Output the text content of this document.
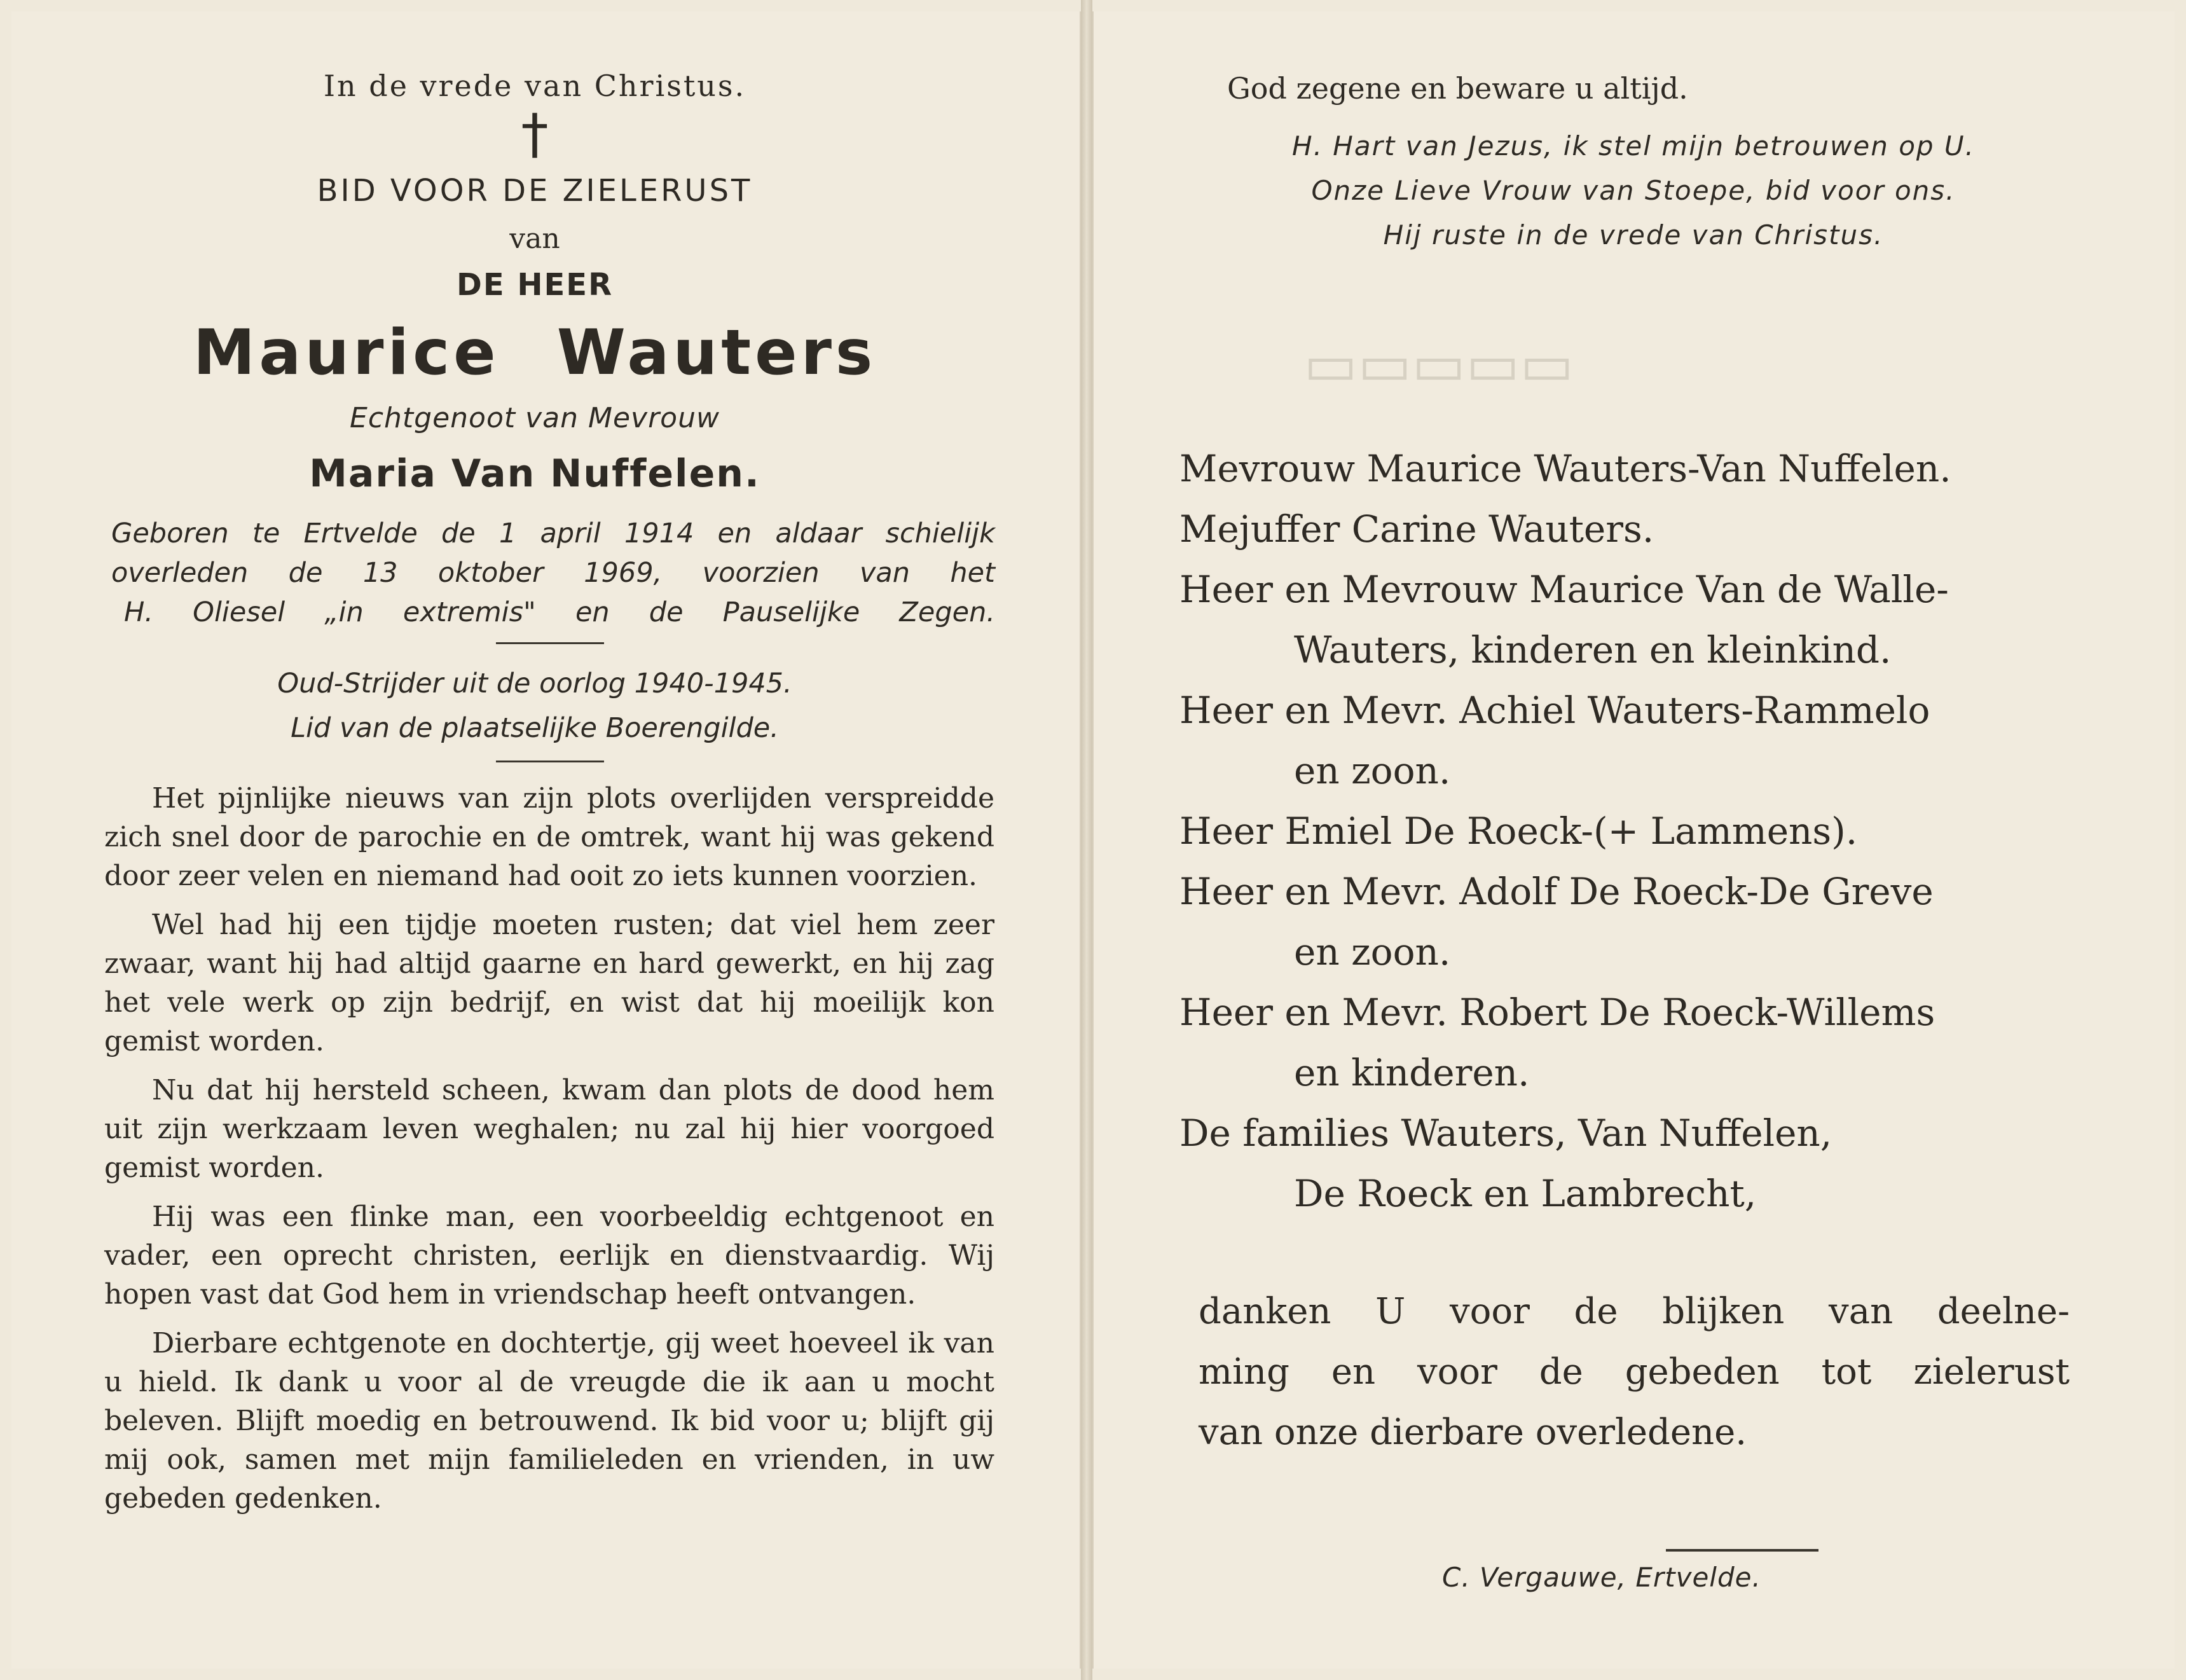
▭▭▭▭▭
In de vrede van Christus.
†
BID VOOR DE ZIELERUST
van
DE HEER
Maurice Wauters
Echtgenoot van Mevrouw
Maria Van Nuffelen.
Geboren te Ertvelde de 1 april 1914 en aldaar schielijk
overleden de 13 oktober 1969, voorzien van het
H. Oliesel „in extremis" en de Pauselijke Zegen.
Oud-Strijder uit de oorlog 1940-1945.
Lid van de plaatselijke Boerengilde.

Het pijnlijke nieuws van zijn plots overlijden verspreidde zich snel door de parochie en de omtrek, want hij was gekend door zeer velen en niemand had ooit zo iets kunnen voorzien.

Wel had hij een tijdje moeten rusten; dat viel hem zeer zwaar, want hij had altijd gaarne en hard gewerkt, en hij zag het vele werk op zijn bedrijf, en wist dat hij moeilijk kon gemist worden.

Nu dat hij hersteld scheen, kwam dan plots de dood hem uit zijn werkzaam leven weghalen; nu zal hij hier voorgoed gemist worden.

Hij was een flinke man, een voorbeeldig echtgenoot en vader, een oprecht christen, eerlijk en dienstvaardig. Wij hopen vast dat God hem in vriendschap heeft ontvangen.

Dierbare echtgenote en dochtertje, gij weet hoeveel ik van u hield. Ik dank u voor al de vreugde die ik aan u mocht beleven. Blijft moedig en betrouwend. Ik bid voor u; blijft gij mij ook, samen met mijn familieleden en vrienden, in uw gebeden gedenken.

God zegene en beware u altijd.
H. Hart van Jezus, ik stel mijn betrouwen op U.
Onze Lieve Vrouw van Stoepe, bid voor ons.
Hij ruste in de vrede van Christus.
Mevrouw Maurice Wauters-Van Nuffelen.
Mejuffer Carine Wauters.
Heer en Mevrouw Maurice Van de Walle-
Wauters, kinderen en kleinkind.
Heer en Mevr. Achiel Wauters-Rammelo
en zoon.
Heer Emiel De Roeck-(+ Lammens).
Heer en Mevr. Adolf De Roeck-De Greve
en zoon.
Heer en Mevr. Robert De Roeck-Willems
en kinderen.
De families Wauters, Van Nuffelen,
De Roeck en Lambrecht,
danken U voor de blijken van deelne-
ming en voor de gebeden tot zielerust
van onze dierbare overledene.
C. Vergauwe, Ertvelde.
